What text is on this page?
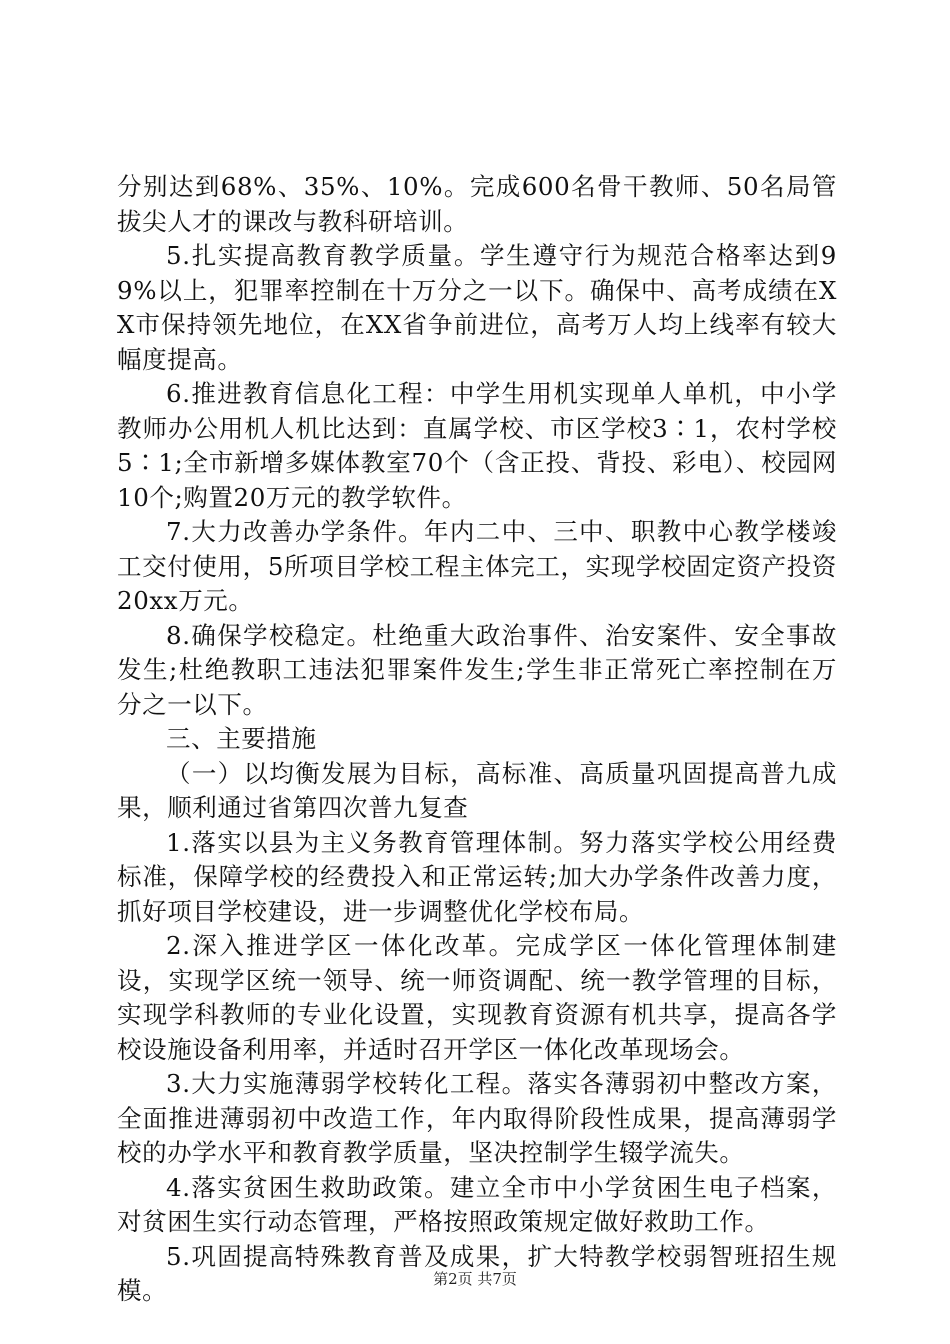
分别达到68%、35%、10%。完成600名骨干教师、50名局管拔尖人才的课改与教科研培训。

5.扎实提高教育教学质量。学生遵守行为规范合格率达到99%以上，犯罪率控制在十万分之一以下。确保中、高考成绩在XX市保持领先地位，在XX省争前进位，高考万人均上线率有较大幅度提高。

6.推进教育信息化工程：中学生用机实现单人单机，中小学教师办公用机人机比达到：直属学校、市区学校3∶1，农村学校5∶1;全市新增多媒体教室70个（含正投、背投、彩电）、校园网10个;购置20万元的教学软件。

7.大力改善办学条件。年内二中、三中、职教中心教学楼竣工交付使用，5所项目学校工程主体完工，实现学校固定资产投资20xx万元。

8.确保学校稳定。杜绝重大政治事件、治安案件、安全事故发生;杜绝教职工违法犯罪案件发生;学生非正常死亡率控制在万分之一以下。

三、主要措施

（一）以均衡发展为目标，高标准、高质量巩固提高普九成果，顺利通过省第四次普九复查

1.落实以县为主义务教育管理体制。努力落实学校公用经费标准，保障学校的经费投入和正常运转;加大办学条件改善力度，抓好项目学校建设，进一步调整优化学校布局。

2.深入推进学区一体化改革。完成学区一体化管理体制建设，实现学区统一领导、统一师资调配、统一教学管理的目标，实现学科教师的专业化设置，实现教育资源有机共享，提高各学校设施设备利用率，并适时召开学区一体化改革现场会。

3.大力实施薄弱学校转化工程。落实各薄弱初中整改方案，全面推进薄弱初中改造工作，年内取得阶段性成果，提高薄弱学校的办学水平和教育教学质量，坚决控制学生辍学流失。

4.落实贫困生救助政策。建立全市中小学贫困生电子档案，对贫困生实行动态管理，严格按照政策规定做好救助工作。

5.巩固提高特殊教育普及成果，扩大特教学校弱智班招生规模。	第2页 共7页
